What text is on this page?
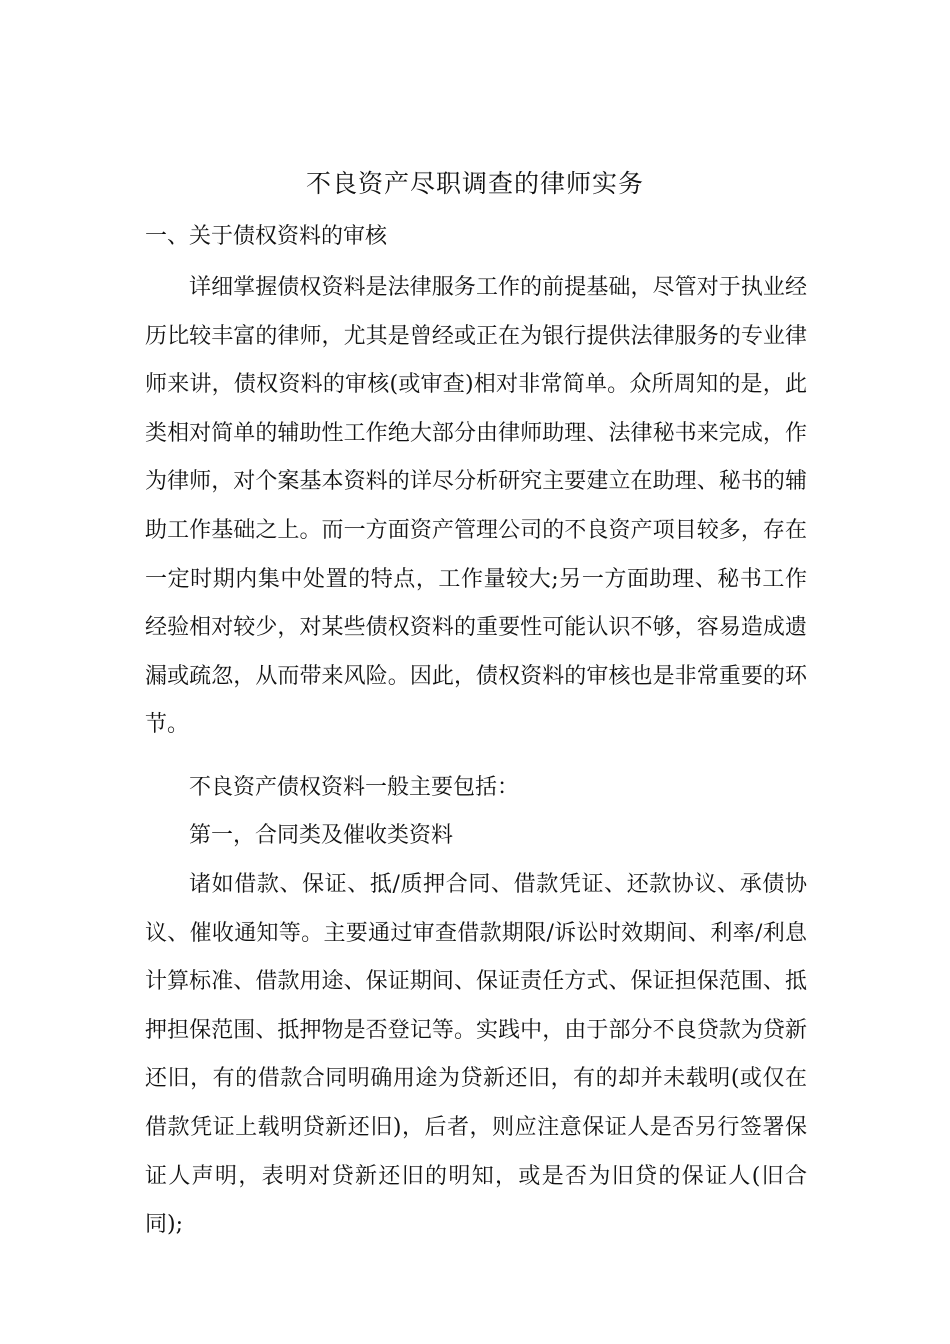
不良资产尽职调查的律师实务
一、关于债权资料的审核

详细掌握债权资料是法律服务工作的前提基础，尽管对于执业经历比较丰富的律师，尤其是曾经或正在为银行提供法律服务的专业律师来讲，债权资料的审核(或审查)相对非常简单。众所周知的是，此类相对简单的辅助性工作绝大部分由律师助理、法律秘书来完成，作为律师，对个案基本资料的详尽分析研究主要建立在助理、秘书的辅助工作基础之上。而一方面资产管理公司的不良资产项目较多，存在一定时期内集中处置的特点，工作量较大;另一方面助理、秘书工作经验相对较少，对某些债权资料的重要性可能认识不够，容易造成遗漏或疏忽，从而带来风险。因此，债权资料的审核也是非常重要的环节。

不良资产债权资料一般主要包括：

第一，合同类及催收类资料

诸如借款、保证、抵/质押合同、借款凭证、还款协议、承债协议、催收通知等。主要通过审查借款期限/诉讼时效期间、利率/利息计算标准、借款用途、保证期间、保证责任方式、保证担保范围、抵押担保范围、抵押物是否登记等。实践中，由于部分不良贷款为贷新还旧，有的借款合同明确用途为贷新还旧，有的却并未载明(或仅在借款凭证上载明贷新还旧)，后者，则应注意保证人是否另行签署保证人声明，表明对贷新还旧的明知，或是否为旧贷的保证人(旧合同);
